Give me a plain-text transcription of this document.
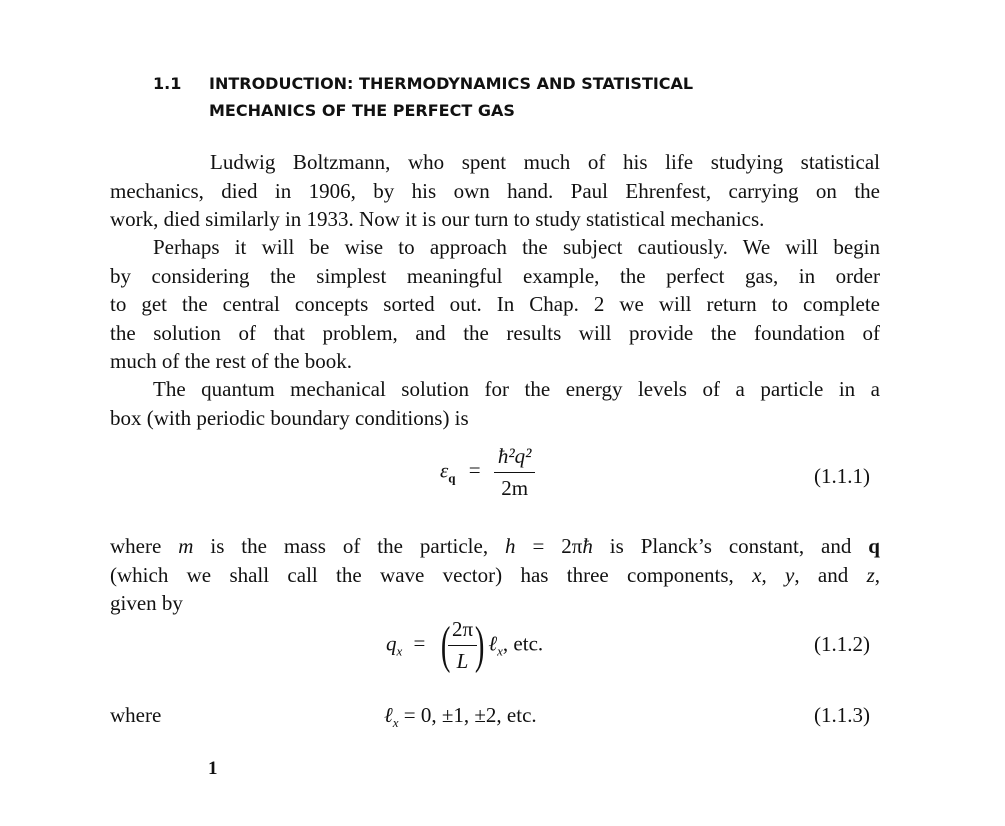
1.1	INTRODUCTION: THERMODYNAMICS AND STATISTICAL
MECHANICS OF THE PERFECT GAS
Ludwig Boltzmann, who spent much of his life studying statistical
mechanics, died in 1906, by his own hand. Paul Ehrenfest, carrying on the
work, died similarly in 1933. Now it is our turn to study statistical mechanics.
Perhaps it will be wise to approach the subject cautiously. We will begin
by considering the simplest meaningful example, the perfect gas, in order
to get the central concepts sorted out. In Chap. 2 we will return to complete
the solution of that problem, and the results will provide the foundation of
much of the rest of the book.
The quantum mechanical solution for the energy levels of a particle in a
box (with periodic boundary conditions) is
$\varepsilon_q = \frac{\text{ħ²q²}}{2m}$	(1.1.1)
where m is the mass of the particle, h = 2πħ is Planck’s constant, and q
(which we shall call the wave vector) has three components, x, y, and z,
given by
$q_x$ = (
$\frac{2\pi}{L}$
) ℓ$_x$, etc.	(1.1.2)
where	ℓ$_x$ = 0, ±1, ±2, etc.	(1.1.3)
1
